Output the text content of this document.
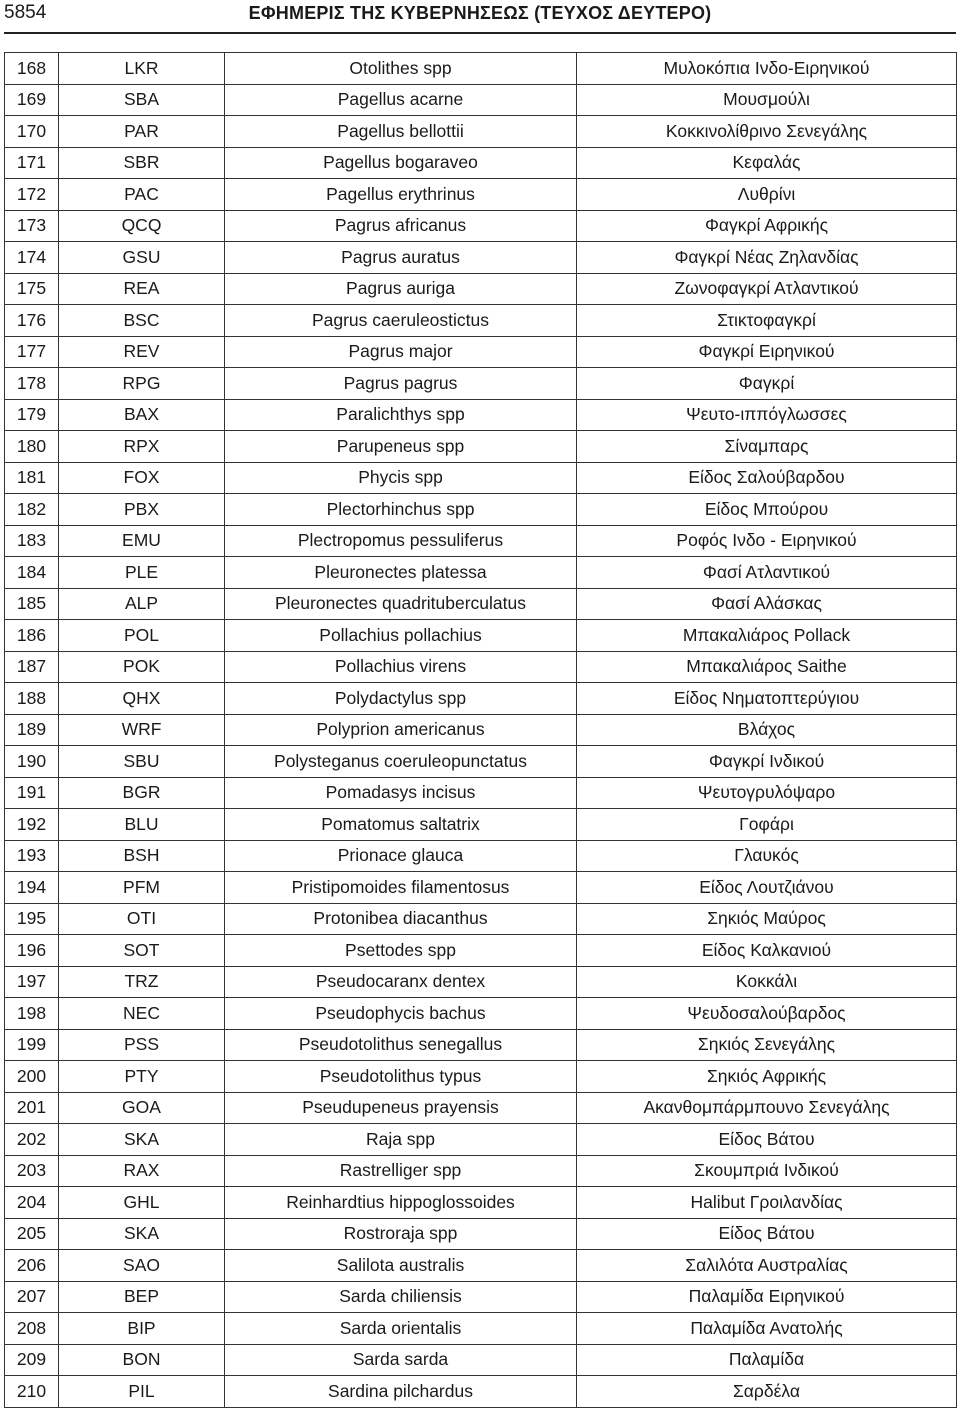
5854	ΕΦΗΜΕΡΙΣ ΤΗΣ ΚΥΒΕΡΝΗΣΕΩΣ (ΤΕΥΧΟΣ ΔΕΥΤΕΡΟ)
168	LKR	Otolithes spp	Μυλοκόπια Ινδο-Ειρηνικού
169	SBA	Pagellus acarne	Μουσμούλι
170	PAR	Pagellus bellottii	Κοκκινολίθρινο Σενεγάλης
171	SBR	Pagellus bogaraveo	Κεφαλάς
172	PAC	Pagellus erythrinus	Λυθρίνι
173	QCQ	Pagrus africanus	Φαγκρί Αφρικής
174	GSU	Pagrus auratus	Φαγκρί Νέας Ζηλανδίας
175	REA	Pagrus auriga	Ζωνοφαγκρί Ατλαντικού
176	BSC	Pagrus caeruleostictus	Στικτοφαγκρί
177	REV	Pagrus major	Φαγκρί Ειρηνικού
178	RPG	Pagrus pagrus	Φαγκρί
179	BAX	Paralichthys spp	Ψευτο-ιππόγλωσσες
180	RPX	Parupeneus spp	Σίναμπαρς
181	FOX	Phycis spp	Είδος Σαλούβαρδου
182	PBX	Plectorhinchus spp	Είδος Μπούρου
183	EMU	Plectropomus pessuliferus	Ροφός Ινδο - Ειρηνικού
184	PLE	Pleuronectes platessa	Φασί Ατλαντικού
185	ALP	Pleuronectes quadrituberculatus	Φασί Αλάσκας
186	POL	Pollachius pollachius	Μπακαλιάρος Pollack
187	POK	Pollachius virens	Μπακαλιάρος Saithe
188	QHX	Polydactylus spp	Είδος Νηματοπτερύγιου
189	WRF	Polyprion americanus	Βλάχος
190	SBU	Polysteganus coeruleopunctatus	Φαγκρί Ινδικού
191	BGR	Pomadasys incisus	Ψευτογρυλόψαρο
192	BLU	Pomatomus saltatrix	Γοφάρι
193	BSH	Prionace glauca	Γλαυκός
194	PFM	Pristipomoides filamentosus	Είδος Λουτζιάνου
195	OTI	Protonibea diacanthus	Σηκιός Μαύρος
196	SOT	Psettodes spp	Είδος Καλκανιού
197	TRZ	Pseudocaranx dentex	Κοκκάλι
198	NEC	Pseudophycis bachus	Ψευδοσαλούβαρδος
199	PSS	Pseudotolithus senegallus	Σηκιός Σενεγάλης
200	PTY	Pseudotolithus typus	Σηκιός Αφρικής
201	GOA	Pseudupeneus prayensis	Ακανθομπάρμπουνο Σενεγάλης
202	SKA	Raja spp	Είδος Βάτου
203	RAX	Rastrelliger spp	Σκουμπριά Ινδικού
204	GHL	Reinhardtius hippoglossoides	Halibut Γροιλανδίας
205	SKA	Rostroraja spp	Είδος Βάτου
206	SAO	Salilota australis	Σαλιλότα Αυστραλίας
207	BEP	Sarda chiliensis	Παλαμίδα Ειρηνικού
208	BIP	Sarda orientalis	Παλαμίδα Ανατολής
209	BON	Sarda sarda	Παλαμίδα
210	PIL	Sardina pilchardus	Σαρδέλα
